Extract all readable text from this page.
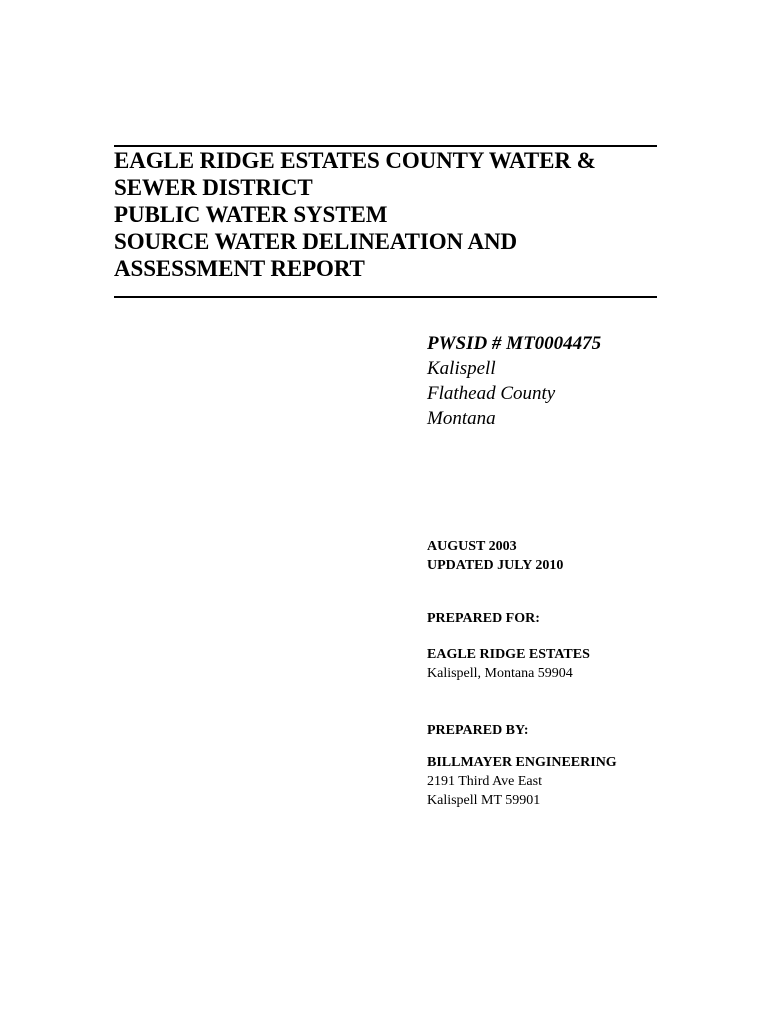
EAGLE RIDGE ESTATES COUNTY WATER &
SEWER DISTRICT
PUBLIC WATER SYSTEM
SOURCE WATER DELINEATION AND
ASSESSMENT REPORT
PWSID # MT0004475
Kalispell
Flathead County
Montana
AUGUST 2003
UPDATED JULY 2010
PREPARED FOR:
EAGLE RIDGE ESTATES
Kalispell, Montana 59904
PREPARED BY:
BILLMAYER ENGINEERING
2191 Third Ave East
Kalispell MT 59901
